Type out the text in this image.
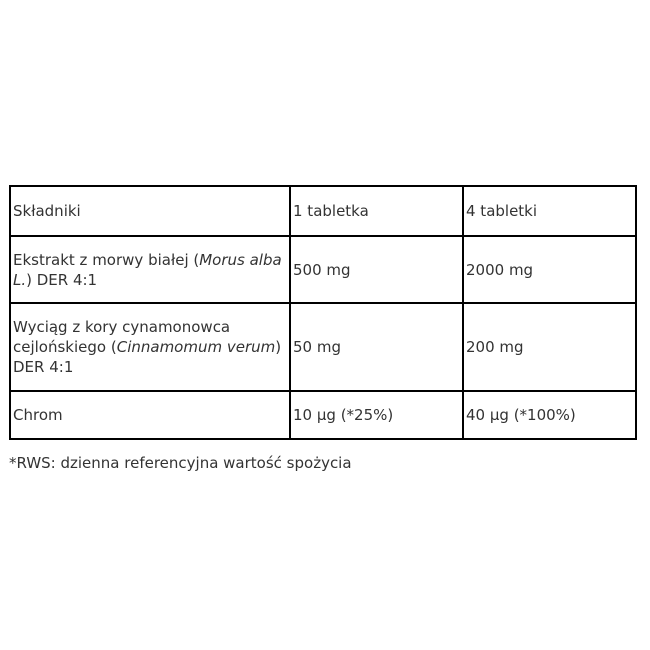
Składniki	1 tabletka	4 tabletki
Ekstrakt z morwy białej (Morus alba L.) DER 4:1	500 mg	2000 mg
Wyciąg z kory cynamonowca cejlońskiego (Cinnamomum verum) DER 4:1	50 mg	200 mg
Chrom	10 µg (*25%)	40 µg (*100%)
*RWS: dzienna referencyjna wartość spożycia
